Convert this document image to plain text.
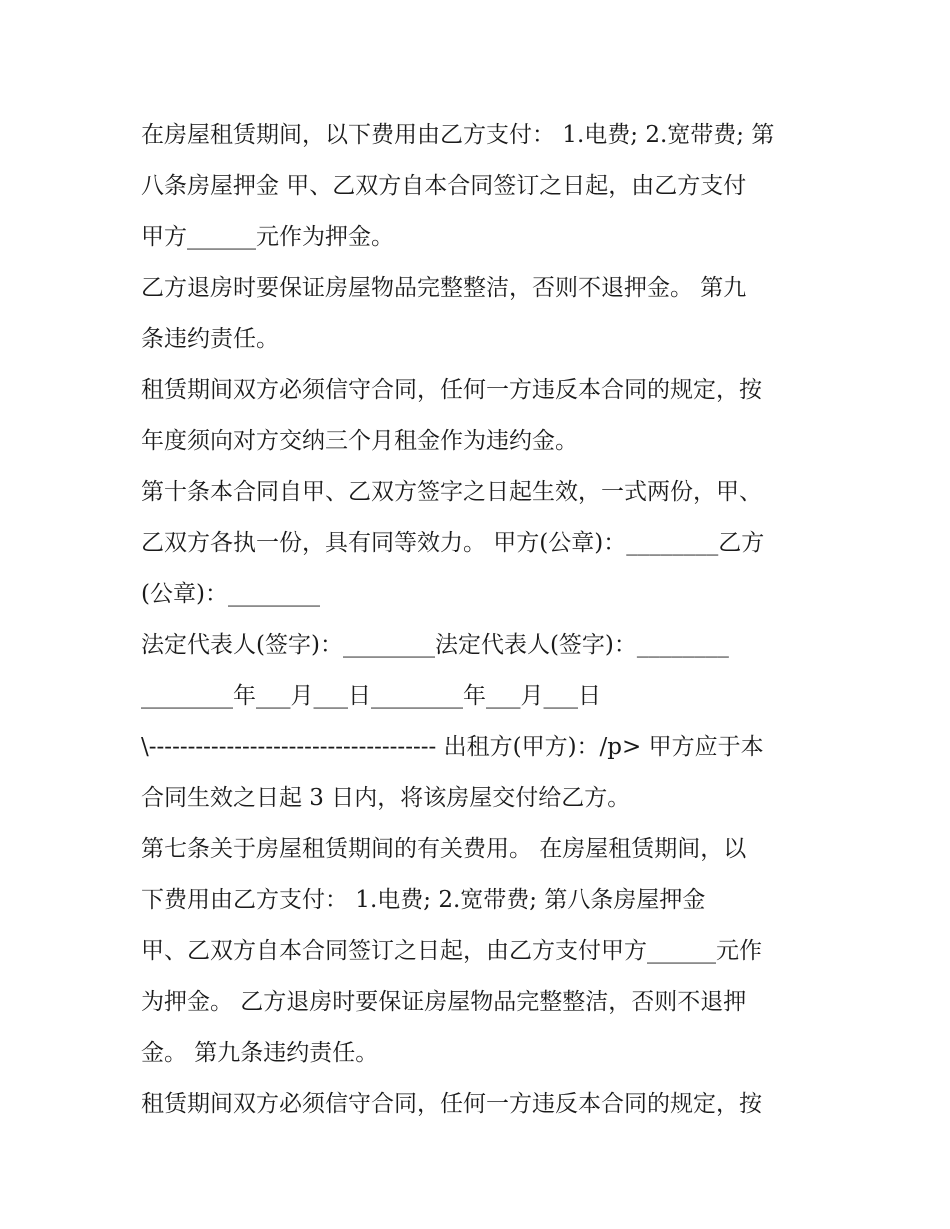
在房屋租赁期间，以下费用由乙方支付： 1.电费; 2.宽带费; 第
八条房屋押金 甲、乙双方自本合同签订之日起，由乙方支付
甲方______元作为押金。
乙方退房时要保证房屋物品完整整洁，否则不退押金。 第九
条违约责任。
租赁期间双方必须信守合同，任何一方违反本合同的规定，按
年度须向对方交纳三个月租金作为违约金。
第十条本合同自甲、乙双方签字之日起生效，一式两份，甲、
乙双方各执一份，具有同等效力。 甲方(公章)：________乙方
(公章)：________
法定代表人(签字)：________法定代表人(签字)：________
________年___月___日________年___月___日
\------------------------------------- 出租方(甲方)：/p> 甲方应于本
合同生效之日起 3 日内，将该房屋交付给乙方。
第七条关于房屋租赁期间的有关费用。 在房屋租赁期间，以
下费用由乙方支付： 1.电费; 2.宽带费; 第八条房屋押金
甲、乙双方自本合同签订之日起，由乙方支付甲方______元作
为押金。 乙方退房时要保证房屋物品完整整洁，否则不退押
金。 第九条违约责任。
租赁期间双方必须信守合同，任何一方违反本合同的规定，按
